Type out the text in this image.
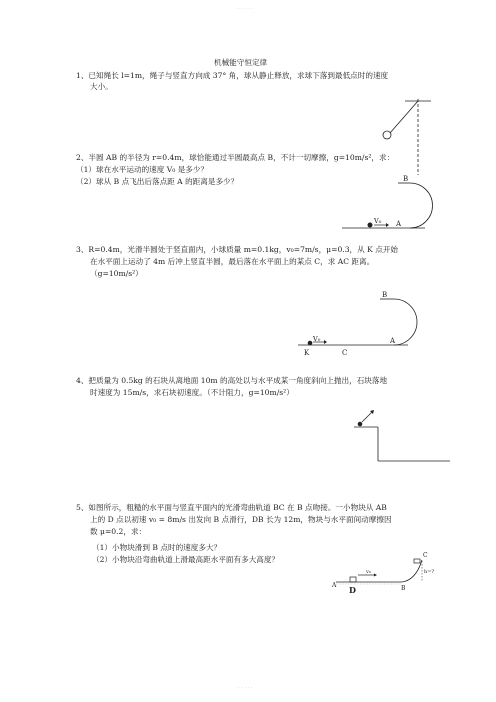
· · · · · ·
· · · · ·
机械能守恒定律
1、已知绳长 l=1m，绳子与竖直方向成 37° 角，球从静止释放，求球下落到最低点时的速度
大小。
2、半圆 AB 的半径为 r=0.4m，球恰能通过半圆最高点 B，不计一切摩擦，g=10m/s²，求：
（1）球在水平运动的速度 V₀ 是多少？
（2）球从 B 点飞出后落点距 A 的距离是多少？	B
V₀ A
3、R=0.4m，光滑半圆处于竖直面内，小球质量 m=0.1kg，v₀=7m/s，μ=0.3，从 K 点开始
在水平面上运动了 4m 后冲上竖直半圆，最后落在水平面上的某点 C，求 AC 距离。
（g=10m/s²）
B
V₀	A
K	C
4、把质量为 0.5kg 的石块从离地面 10m 的高处以与水平成某一角度斜向上抛出，石块落地
时速度为 15m/s，求石块初速度。（不计阻力，g=10m/s²）
5、如图所示，粗糙的水平面与竖直平面内的光滑弯曲轨道 BC 在 B 点吻接。一小物块从 AB
上的 D 点以初速 v₀ = 8m/s 出发向 B 点滑行，DB 长为 12m，物块与水平面间动摩擦因
数 μ=0.2，求：
（1）小物块滑到 B 点时的速度多大？
（2）小物块沿弯曲轨道上滑最高距水平面有多大高度？
A D	B
C
v₀	h=?
